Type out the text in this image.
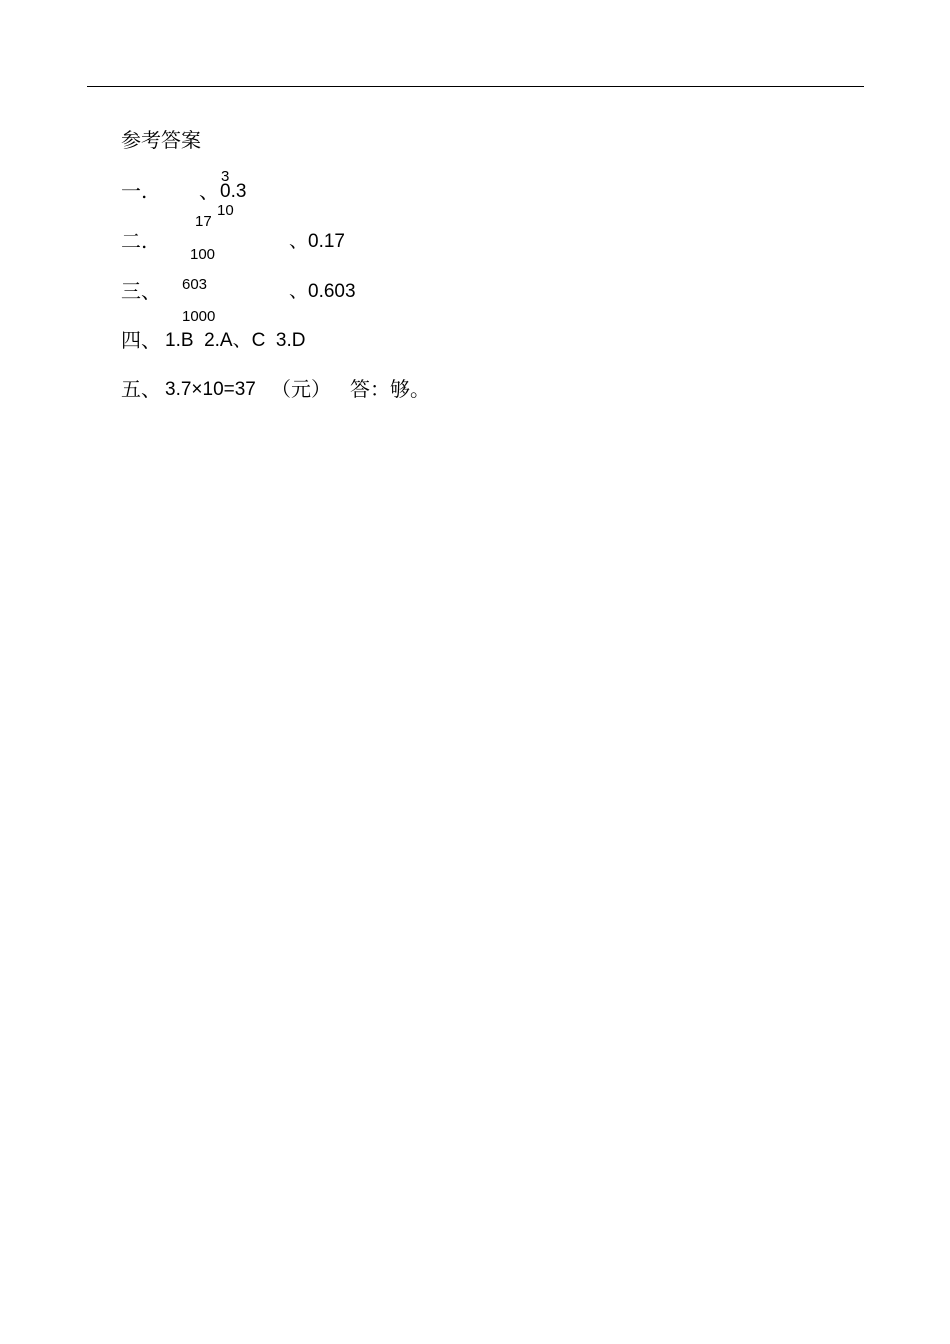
参考答案
一.	、
3
0.3
10
二.
17
100
、0.17
三、 603
1000
、0.603
四、 1.B  2.A、C  3.D
五、 3.7×10=37 （元） 答：够。
